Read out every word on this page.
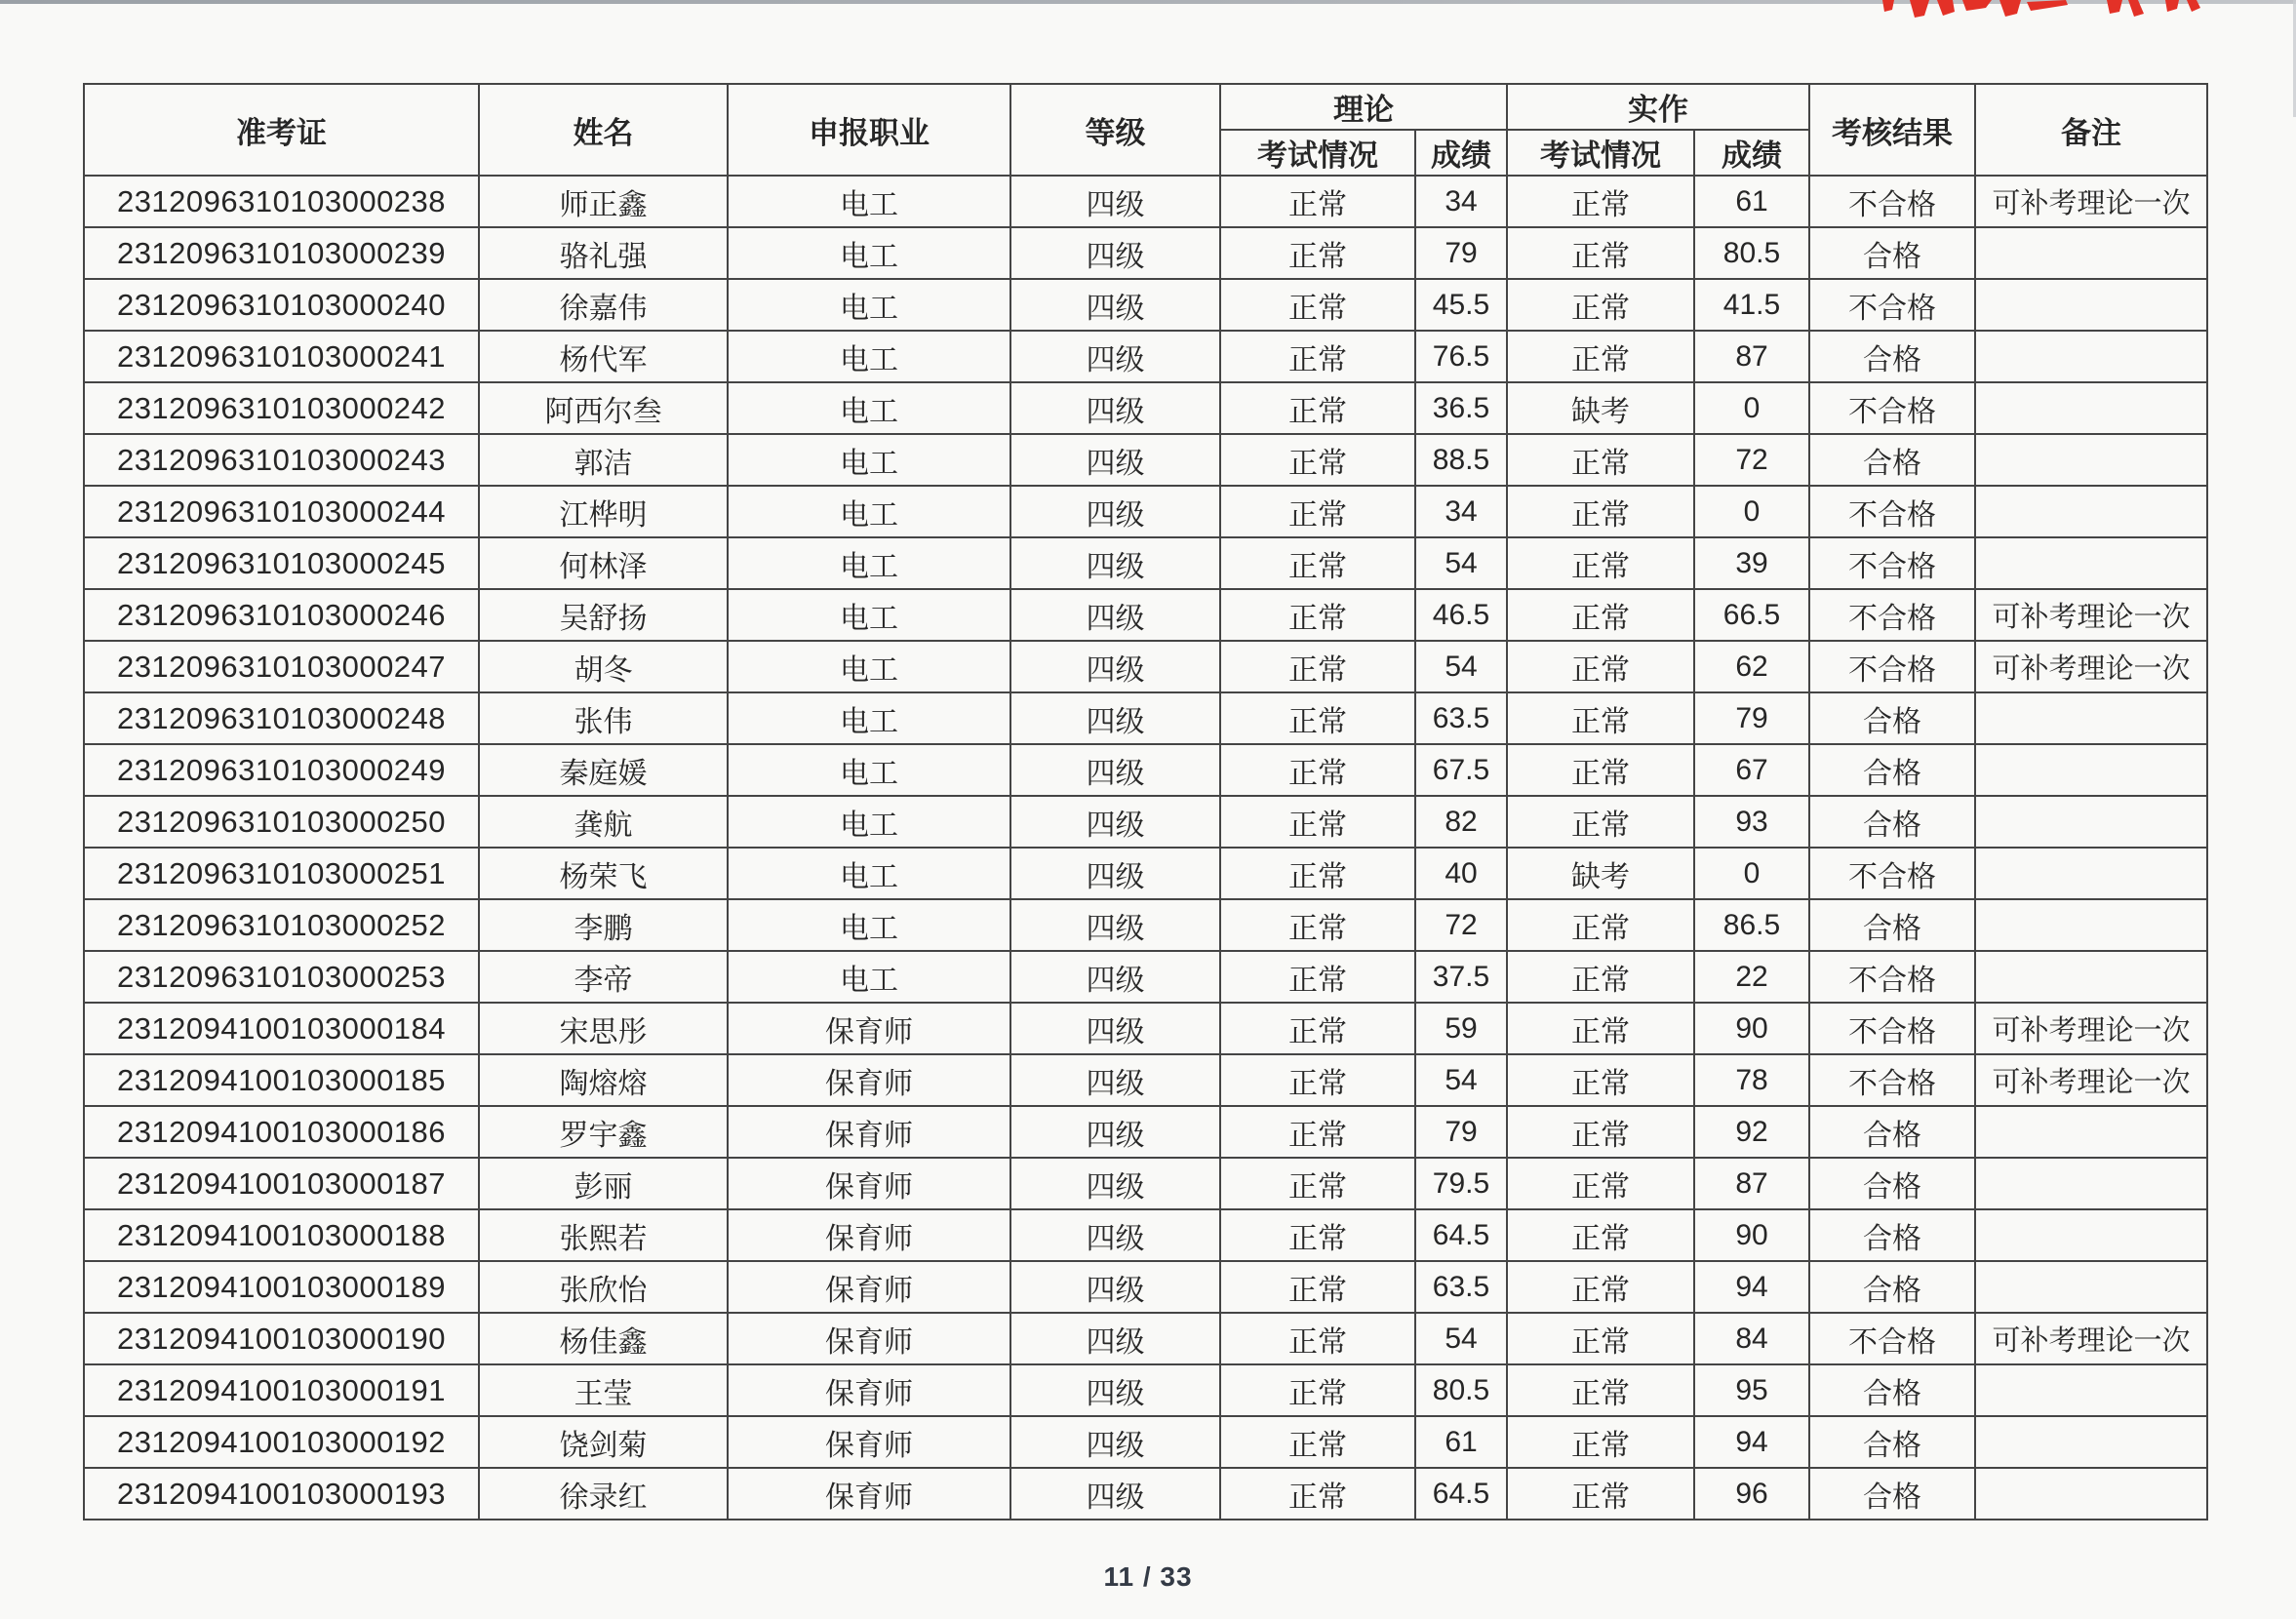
准考证	姓名	申报职业	等级	理论		实作		考核结果	备注
				考试情况	成绩	考试情况	成绩		
2312096310103000238	师正鑫	电工	四级	正常	34	正常	61	不合格	可补考理论一次
2312096310103000239	骆礼强	电工	四级	正常	79	正常	80.5	合格	
2312096310103000240	徐嘉伟	电工	四级	正常	45.5	正常	41.5	不合格	
2312096310103000241	杨代军	电工	四级	正常	76.5	正常	87	合格	
2312096310103000242	阿西尔叁	电工	四级	正常	36.5	缺考	0	不合格	
2312096310103000243	郭洁	电工	四级	正常	88.5	正常	72	合格	
2312096310103000244	江桦明	电工	四级	正常	34	正常	0	不合格	
2312096310103000245	何林泽	电工	四级	正常	54	正常	39	不合格	
2312096310103000246	吴舒扬	电工	四级	正常	46.5	正常	66.5	不合格	可补考理论一次
2312096310103000247	胡冬	电工	四级	正常	54	正常	62	不合格	可补考理论一次
2312096310103000248	张伟	电工	四级	正常	63.5	正常	79	合格	
2312096310103000249	秦庭媛	电工	四级	正常	67.5	正常	67	合格	
2312096310103000250	龚航	电工	四级	正常	82	正常	93	合格	
2312096310103000251	杨荣飞	电工	四级	正常	40	缺考	0	不合格	
2312096310103000252	李鹏	电工	四级	正常	72	正常	86.5	合格	
2312096310103000253	李帝	电工	四级	正常	37.5	正常	22	不合格	
2312094100103000184	宋思彤	保育师	四级	正常	59	正常	90	不合格	可补考理论一次
2312094100103000185	陶熔熔	保育师	四级	正常	54	正常	78	不合格	可补考理论一次
2312094100103000186	罗宇鑫	保育师	四级	正常	79	正常	92	合格	
2312094100103000187	彭丽	保育师	四级	正常	79.5	正常	87	合格	
2312094100103000188	张熙若	保育师	四级	正常	64.5	正常	90	合格	
2312094100103000189	张欣怡	保育师	四级	正常	63.5	正常	94	合格	
2312094100103000190	杨佳鑫	保育师	四级	正常	54	正常	84	不合格	可补考理论一次
2312094100103000191	王莹	保育师	四级	正常	80.5	正常	95	合格	
2312094100103000192	饶剑菊	保育师	四级	正常	61	正常	94	合格	
2312094100103000193	徐录红	保育师	四级	正常	64.5	正常	96	合格	
11 / 33
